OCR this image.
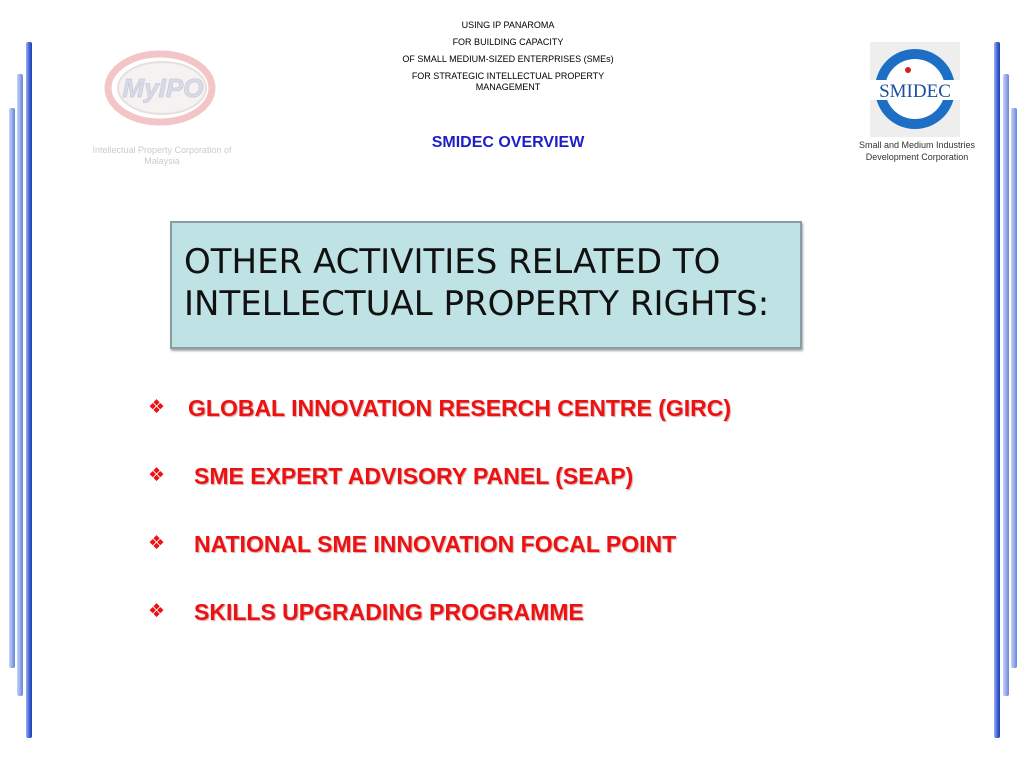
USING IP PANAROMA
FOR BUILDING CAPACITY
OF SMALL MEDIUM-SIZED ENTERPRISES (SMEs)
FOR STRATEGIC INTELLECTUAL PROPERTY MANAGEMENT
SMIDEC OVERVIEW
MyIPO
Intellectual Property Corporation of Malaysia
SMIDEC
Small and Medium Industries Development Corporation
OTHER ACTIVITIES RELATED TO
INTELLECTUAL PROPERTY RIGHTS:
❖ GLOBAL INNOVATION RESERCH CENTRE (GIRC)
❖ SME EXPERT ADVISORY PANEL (SEAP)
❖ NATIONAL SME INNOVATION FOCAL POINT
❖ SKILLS UPGRADING PROGRAMME
